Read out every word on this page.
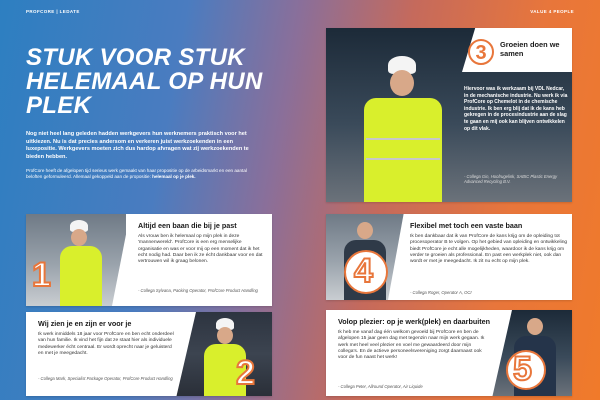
PROFCORE | LEDATE	VALUE 4 PEOPLE
STUK VOOR STUK HELEMAAL OP HUN PLEK
Nog niet heel lang geleden hadden werkgevers hun werknemers praktisch voor het uitkiezen. Nu is dat precies andersom en verkeren juist werkzoekenden in een luxepositie. Werkgevers moeten zich dus hardop afvragen wat zij werkzoekenden te bieden hebben.
ProfCore heeft de afgelopen tijd serieus werk gemaakt van haar propositie op de arbeidsmarkt en een aantal beloften geformuleerd. Allemaal gekoppeld aan de propositie: helemaal op je plek.
3 Groeien doen we samen
Hiervoor was ik werkzaam bij VDL Nedcar, in de mechanische industrie. Nu werk ik via ProfCore op Chemelot in de chemische industrie. Ik ben erg blij dat ik de kans heb gekregen in de procesindustrie aan de slag te gaan en mij ook kan blijven ontwikkelen op dit vlak.
- Collega Gin, Hoofrugelink, SABIC Plastic Energy Advanced Recycling B.V.
1
Altijd een baan die bij je past
Als vrouw ben ik helemaal op mijn plek in deze 'mannenwereld'. ProfCore is een erg menselijke organisatie en was er voor mij op een moment dat ik het echt nodig had. Daar ben ik ze écht dankbaar voor en dat vertrouwen wil ik graag belonen.
- Collega Sylvana, Packing Operator, ProfCore Product Handling
4
Flexibel met toch een vaste baan
Ik ben dankbaar dat ik van ProfCore de kans krijg om de opleiding tot procesoperator B te volgen. Op het gebied van opleiding en ontwikkeling biedt ProfCore je echt alle mogelijkheden, waardoor ik de kans krijg om verder te groeien als professional. En past een werkplek niet, ook dan wordt er met je meegedacht. Ik zit nu echt op mijn plek.
- Collega Roger, Operator A, OCI
2
Wij zien je en zijn er voor je
Ik werk inmiddels 18 jaar voor ProfCore en ben echt onderdeel van hun familie. Ik vind het fijn dat ze staat hier als individuele medewerker écht centraal. Er wordt oprecht naar je geluisterd en met je meegedacht.
- Collega Mark, Specialist Package Operator, ProfCore Product Handling	5
Volop plezier: op je werk(plek) en daarbuiten
Ik heb me vanaf dag één welkom gevoeld bij ProfCore en ben de afgelopen 15 jaar geen dag met tegenzin naar mijn werk gegaan. Ik werk met heel veel plezier en voel me gewaardeerd door mijn collega's. En de actieve personeelsvereniging zorgt daarnaast ook voor de fun naast het werk!
- Collega Peter, Allround Operator, Air Liquide
